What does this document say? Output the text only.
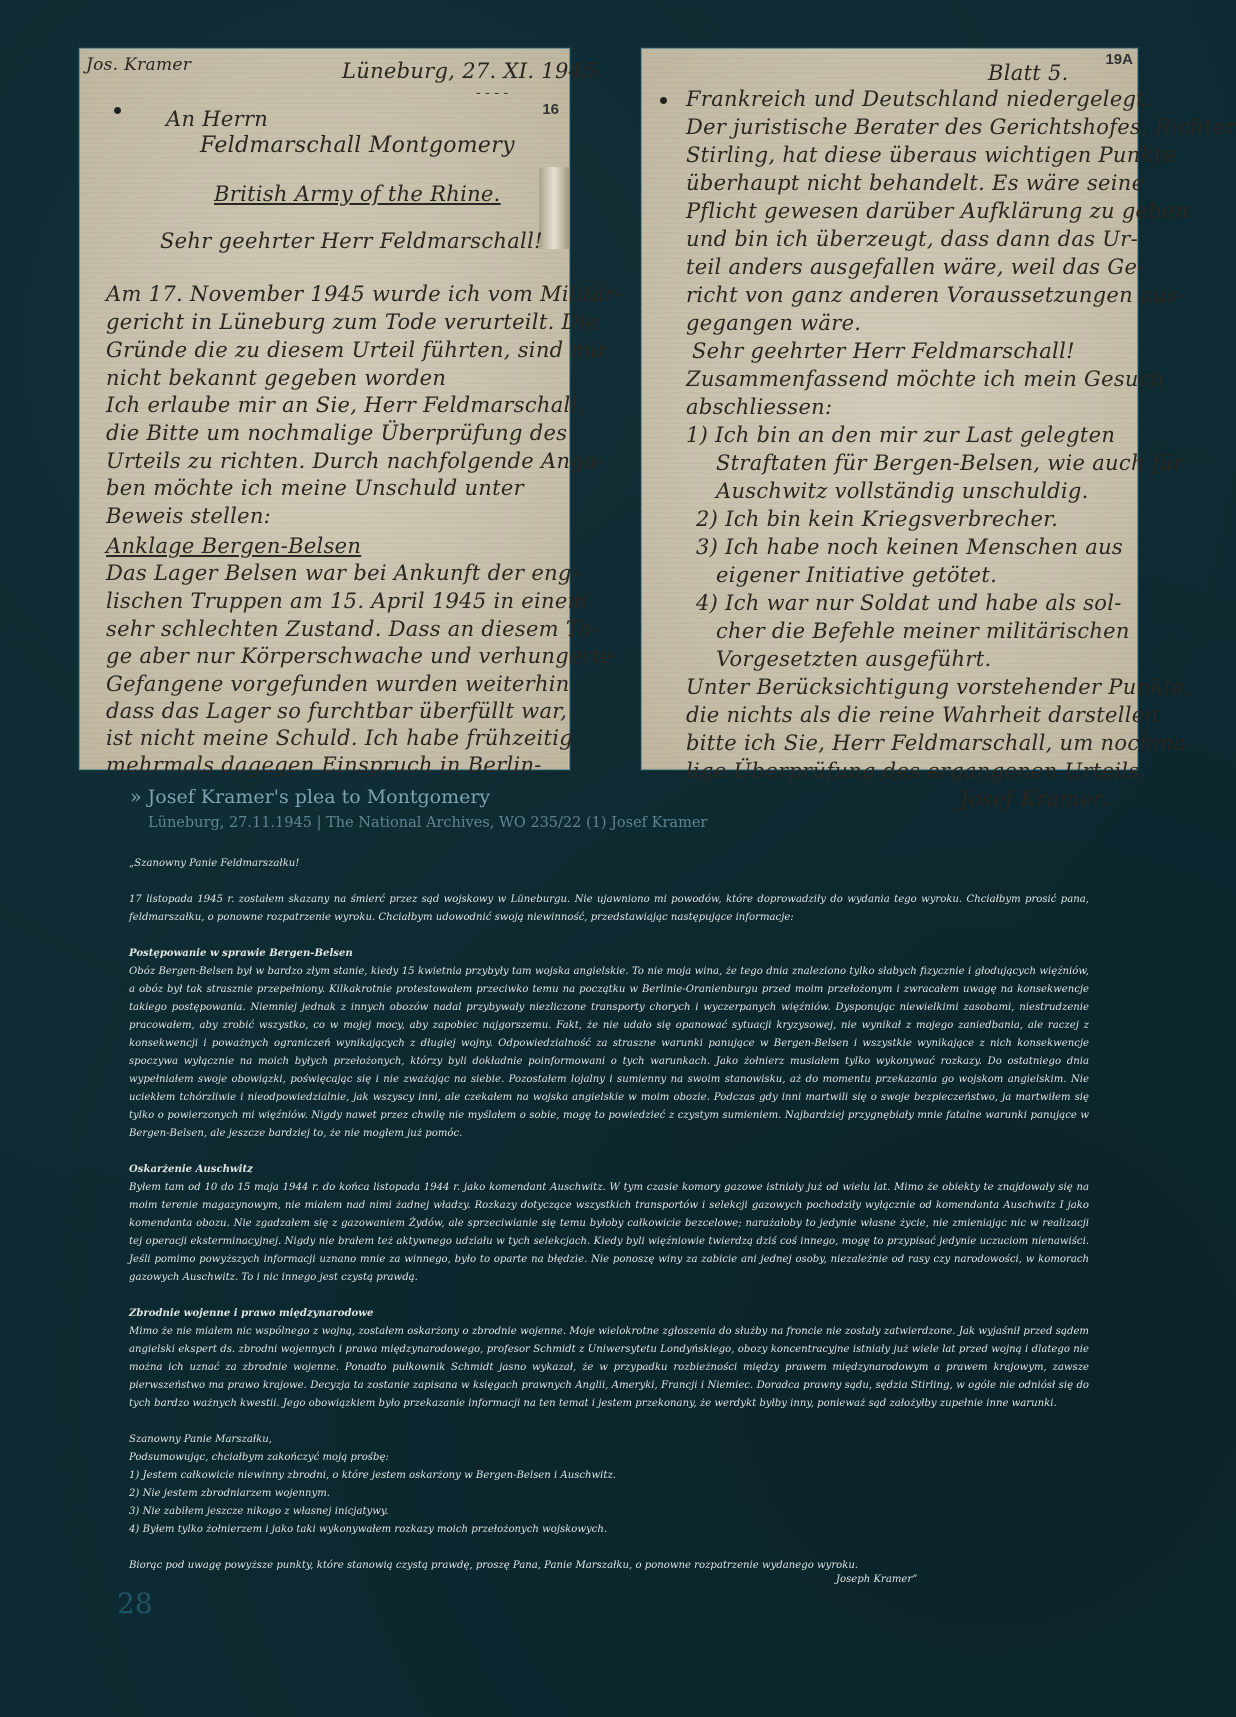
16
- - - -
Jos. Kramer	Lüneburg, 27. XI. 1945.
An Herrn
Feldmarschall Montgomery
British Army of the Rhine.
Sehr geehrter Herr Feldmarschall!
Am 17. November 1945 wurde ich vom Militär-
gericht in Lüneburg zum Tode verurteilt. Die
Gründe die zu diesem Urteil führten, sind mir
nicht bekannt gegeben worden
Ich erlaube mir an Sie, Herr Feldmarschall,
die Bitte um nochmalige Überprüfung des
Urteils zu richten. Durch nachfolgende Anga-
ben möchte ich meine Unschuld unter
Beweis stellen:
Anklage Bergen-Belsen
Das Lager Belsen war bei Ankunft der eng-
lischen Truppen am 15. April 1945 in einem
sehr schlechten Zustand. Dass an diesem Ta-
ge aber nur Körperschwache und verhungerte
Gefangene vorgefunden wurden weiterhin
dass das Lager so furchtbar überfüllt war,
ist nicht meine Schuld. Ich habe frühzeitig
mehrmals dagegen Einspruch in Berlin-
19A
Blatt 5.
Frankreich und Deutschland niedergelegt.
Der juristische Berater des Gerichtshofes, Richter
Stirling, hat diese überaus wichtigen Punkte
überhaupt nicht behandelt. Es wäre seine
Pflicht gewesen darüber Aufklärung zu geben
und bin ich überzeugt, dass dann das Ur-
teil anders ausgefallen wäre, weil das Ge-
richt von ganz anderen Voraussetzungen aus-
gegangen wäre.
Sehr geehrter Herr Feldmarschall!
Zusammenfassend möchte ich mein Gesuch
abschliessen:
1) Ich bin an den mir zur Last gelegten
Straftaten für Bergen-Belsen, wie auch für
Auschwitz vollständig unschuldig.
2) Ich bin kein Kriegsverbrecher.
3) Ich habe noch keinen Menschen aus
eigener Initiative getötet.
4) Ich war nur Soldat und habe als sol-
cher die Befehle meiner militärischen
Vorgesetzten ausgeführt.
Unter Berücksichtigung vorstehender Punkte,
die nichts als die reine Wahrheit darstellen
bitte ich Sie, Herr Feldmarschall, um nochma-
lige Überprüfung des ergangenen Urteils.
Josef Kramer.
» Josef Kramer's plea to Montgomery
Lüneburg, 27.11.1945 | The National Archives, WO 235/22 (1) Josef Kramer

„Szanowny Panie Feldmarszałku!

17 listopada 1945 r. zostałem skazany na śmierć przez sąd wojskowy w Lüneburgu. Nie ujawniono mi powodów, które doprowadziły do wydania tego wyroku. Chciałbym prosić pana, feldmarszałku, o ponowne rozpatrzenie wyroku. Chciałbym udowodnić swoją niewinność, przedstawiając następujące informacje:

Postępowanie w sprawie Bergen-Belsen
Obóz Bergen-Belsen był w bardzo złym stanie, kiedy 15 kwietnia przybyły tam wojska angielskie. To nie moja wina, że tego dnia znaleziono tylko słabych fizycznie i głodujących więźniów, a obóz był tak strasznie przepełniony. Kilkakrotnie protestowałem przeciwko temu na początku w Berlinie-Oranienburgu przed moim przełożonym i zwracałem uwagę na konsekwencje takiego postępowania. Niemniej jednak z innych obozów nadal przybywały niezliczone transporty chorych i wyczerpanych więźniów. Dysponując niewielkimi zasobami, niestrudzenie pracowałem, aby zrobić wszystko, co w mojej mocy, aby zapobiec najgorszemu. Fakt, że nie udało się opanować sytuacji kryzysowej, nie wynikał z mojego zaniedbania, ale raczej z konsekwencji i poważnych ograniczeń wynikających z długiej wojny. Odpowiedzialność za straszne warunki panujące w Bergen-Belsen i wszystkie wynikające z nich konsekwencje spoczywa wyłącznie na moich byłych przełożonych, którzy byli dokładnie poinformowani o tych warunkach. Jako żołnierz musiałem tylko wykonywać rozkazy. Do ostatniego dnia wypełniałem swoje obowiązki, poświęcając się i nie zważając na siebie. Pozostałem lojalny i sumienny na swoim stanowisku, aż do momentu przekazania go wojskom angielskim. Nie uciekłem tchórzliwie i nieodpowiedzialnie, jak wszyscy inni, ale czekałem na wojska angielskie w moim obozie. Podczas gdy inni martwili się o swoje bezpieczeństwo, ja martwiłem się tylko o powierzonych mi więźniów. Nigdy nawet przez chwilę nie myślałem o sobie, mogę to powiedzieć z czystym sumieniem. Najbardziej przygnębiały mnie fatalne warunki panujące w Bergen-Belsen, ale jeszcze bardziej to, że nie mogłem już pomóc.

Oskarżenie Auschwitz
Byłem tam od 10 do 15 maja 1944 r. do końca listopada 1944 r. jako komendant Auschwitz. W tym czasie komory gazowe istniały już od wielu lat. Mimo że obiekty te znajdowały się na moim terenie magazynowym, nie miałem nad nimi żadnej władzy. Rozkazy dotyczące wszystkich transportów i selekcji gazowych pochodziły wyłącznie od komendanta Auschwitz I jako komendanta obozu. Nie zgadzałem się z gazowaniem Żydów, ale sprzeciwianie się temu byłoby całkowicie bezcelowe; narażałoby to jedynie własne życie, nie zmieniając nic w realizacji tej operacji eksterminacyjnej. Nigdy nie brałem też aktywnego udziału w tych selekcjach. Kiedy byli więźniowie twierdzą dziś coś innego, mogę to przypisać jedynie uczuciom nienawiści. Jeśli pomimo powyższych informacji uznano mnie za winnego, było to oparte na błędzie. Nie ponoszę winy za zabicie ani jednej osoby, niezależnie od rasy czy narodowości, w komorach gazowych Auschwitz. To i nic innego jest czystą prawdą.

Zbrodnie wojenne i prawo międzynarodowe
Mimo że nie miałem nic wspólnego z wojną, zostałem oskarżony o zbrodnie wojenne. Moje wielokrotne zgłoszenia do służby na froncie nie zostały zatwierdzone. Jak wyjaśnił przed sądem angielski ekspert ds. zbrodni wojennych i prawa międzynarodowego, profesor Schmidt z Uniwersytetu Londyńskiego, obozy koncentracyjne istniały już wiele lat przed wojną i dlatego nie można ich uznać za zbrodnie wojenne. Ponadto pułkownik Schmidt jasno wykazał, że w przypadku rozbieżności między prawem międzynarodowym a prawem krajowym, zawsze pierwszeństwo ma prawo krajowe. Decyzja ta zostanie zapisana w księgach prawnych Anglii, Ameryki, Francji i Niemiec. Doradca prawny sądu, sędzia Stirling, w ogóle nie odniósł się do tych bardzo ważnych kwestii. Jego obowiązkiem było przekazanie informacji na ten temat i jestem przekonany, że werdykt byłby inny, ponieważ sąd założyłby zupełnie inne warunki.

Szanowny Panie Marszałku,
Podsumowując, chciałbym zakończyć moją prośbę:
1) Jestem całkowicie niewinny zbrodni, o które jestem oskarżony w Bergen-Belsen i Auschwitz.
2) Nie jestem zbrodniarzem wojennym.
3) Nie zabiłem jeszcze nikogo z własnej inicjatywy.
4) Byłem tylko żołnierzem i jako taki wykonywałem rozkazy moich przełożonych wojskowych.

Biorąc pod uwagę powyższe punkty, które stanowią czystą prawdę, proszę Pana, Panie Marszałku, o ponowne rozpatrzenie wydanego wyroku.

Joseph Kramer”
28
